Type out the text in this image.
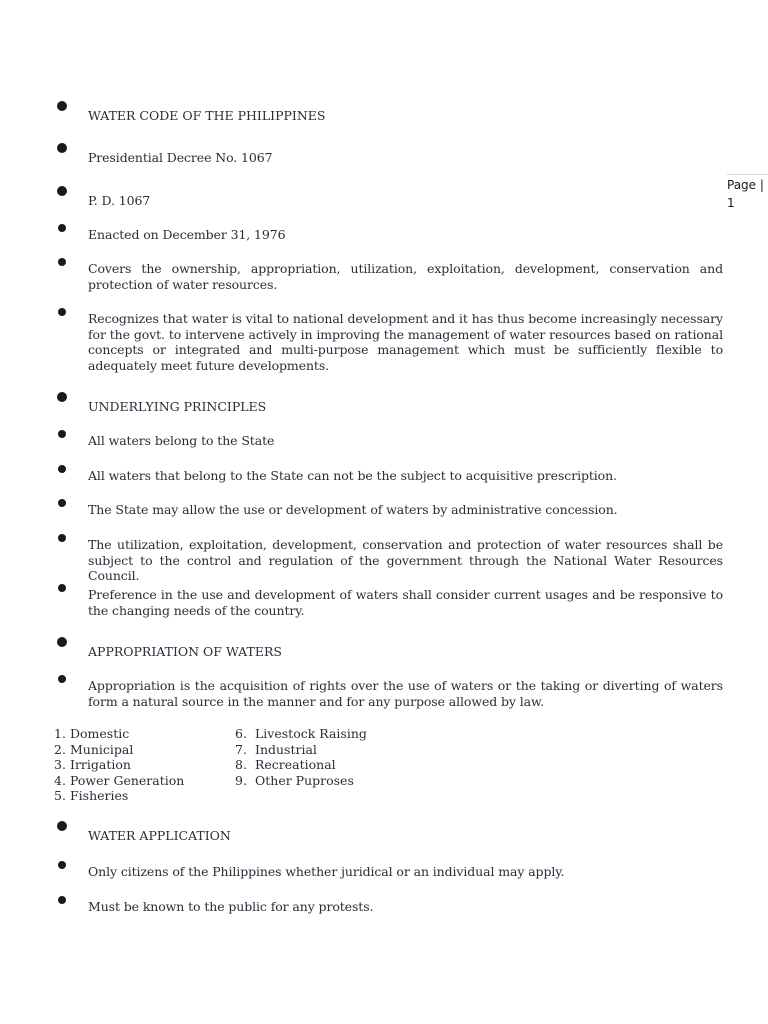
Page |
1
WATER CODE OF THE PHILIPPINES
Presidential Decree No. 1067
P. D. 1067
Enacted on December 31, 1976
Covers the ownership, appropriation, utilization, exploitation, development, conservation and protection of water resources.
Recognizes that water is vital to national development and it has thus become increasingly necessary for the govt. to intervene actively in improving the management of water resources based on rational concepts or integrated and multi-purpose management which must be sufficiently flexible to adequately meet future developments.
UNDERLYING PRINCIPLES
All waters belong to the State
All waters that belong to the State can not be the subject to acquisitive prescription.
The State may allow the use or development of waters by administrative concession.
The utilization, exploitation, development, conservation and protection of water resources shall be subject to the control and regulation of the government through the National Water Resources Council.
Preference in the use and development of waters shall consider current usages and be responsive to the changing needs of the country.
APPROPRIATION OF WATERS
Appropriation is the acquisition of rights over the use of waters or the taking or diverting of waters form a natural source in the manner and for any purpose allowed by law.
1. Domestic
2. Municipal
3. Irrigation
4. Power Generation
5. Fisheries
6. Livestock Raising
7. Industrial
8. Recreational
9. Other Puproses
WATER APPLICATION
Only citizens of the Philippines whether juridical or an individual may apply.
Must be known to the public for any protests.
